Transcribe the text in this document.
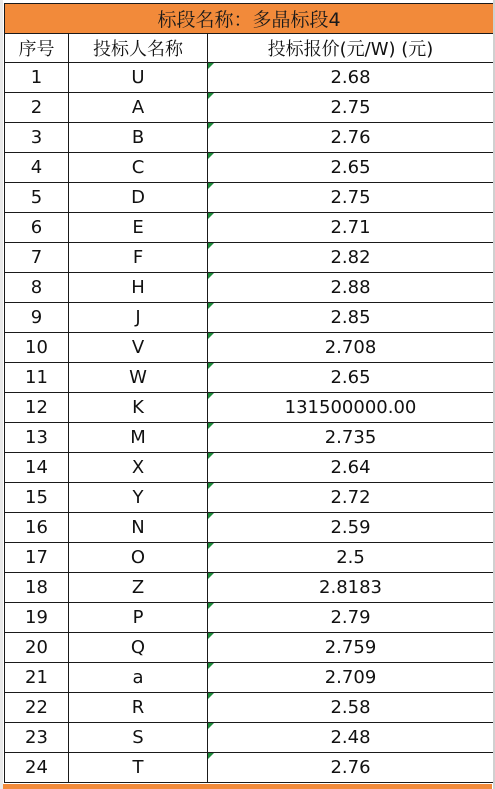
标段名称：多晶标段4		
序号	投标人名称	投标报价(元/W) (元)
1	U	2.68
2	A	2.75
3	B	2.76
4	C	2.65
5	D	2.75
6	E	2.71
7	F	2.82
8	H	2.88
9	J	2.85
10	V	2.708
11	W	2.65
12	K	131500000.00
13	M	2.735
14	X	2.64
15	Y	2.72
16	N	2.59
17	O	2.5
18	Z	2.8183
19	P	2.79
20	Q	2.759
21	a	2.709
22	R	2.58
23	S	2.48
24	T	2.76
